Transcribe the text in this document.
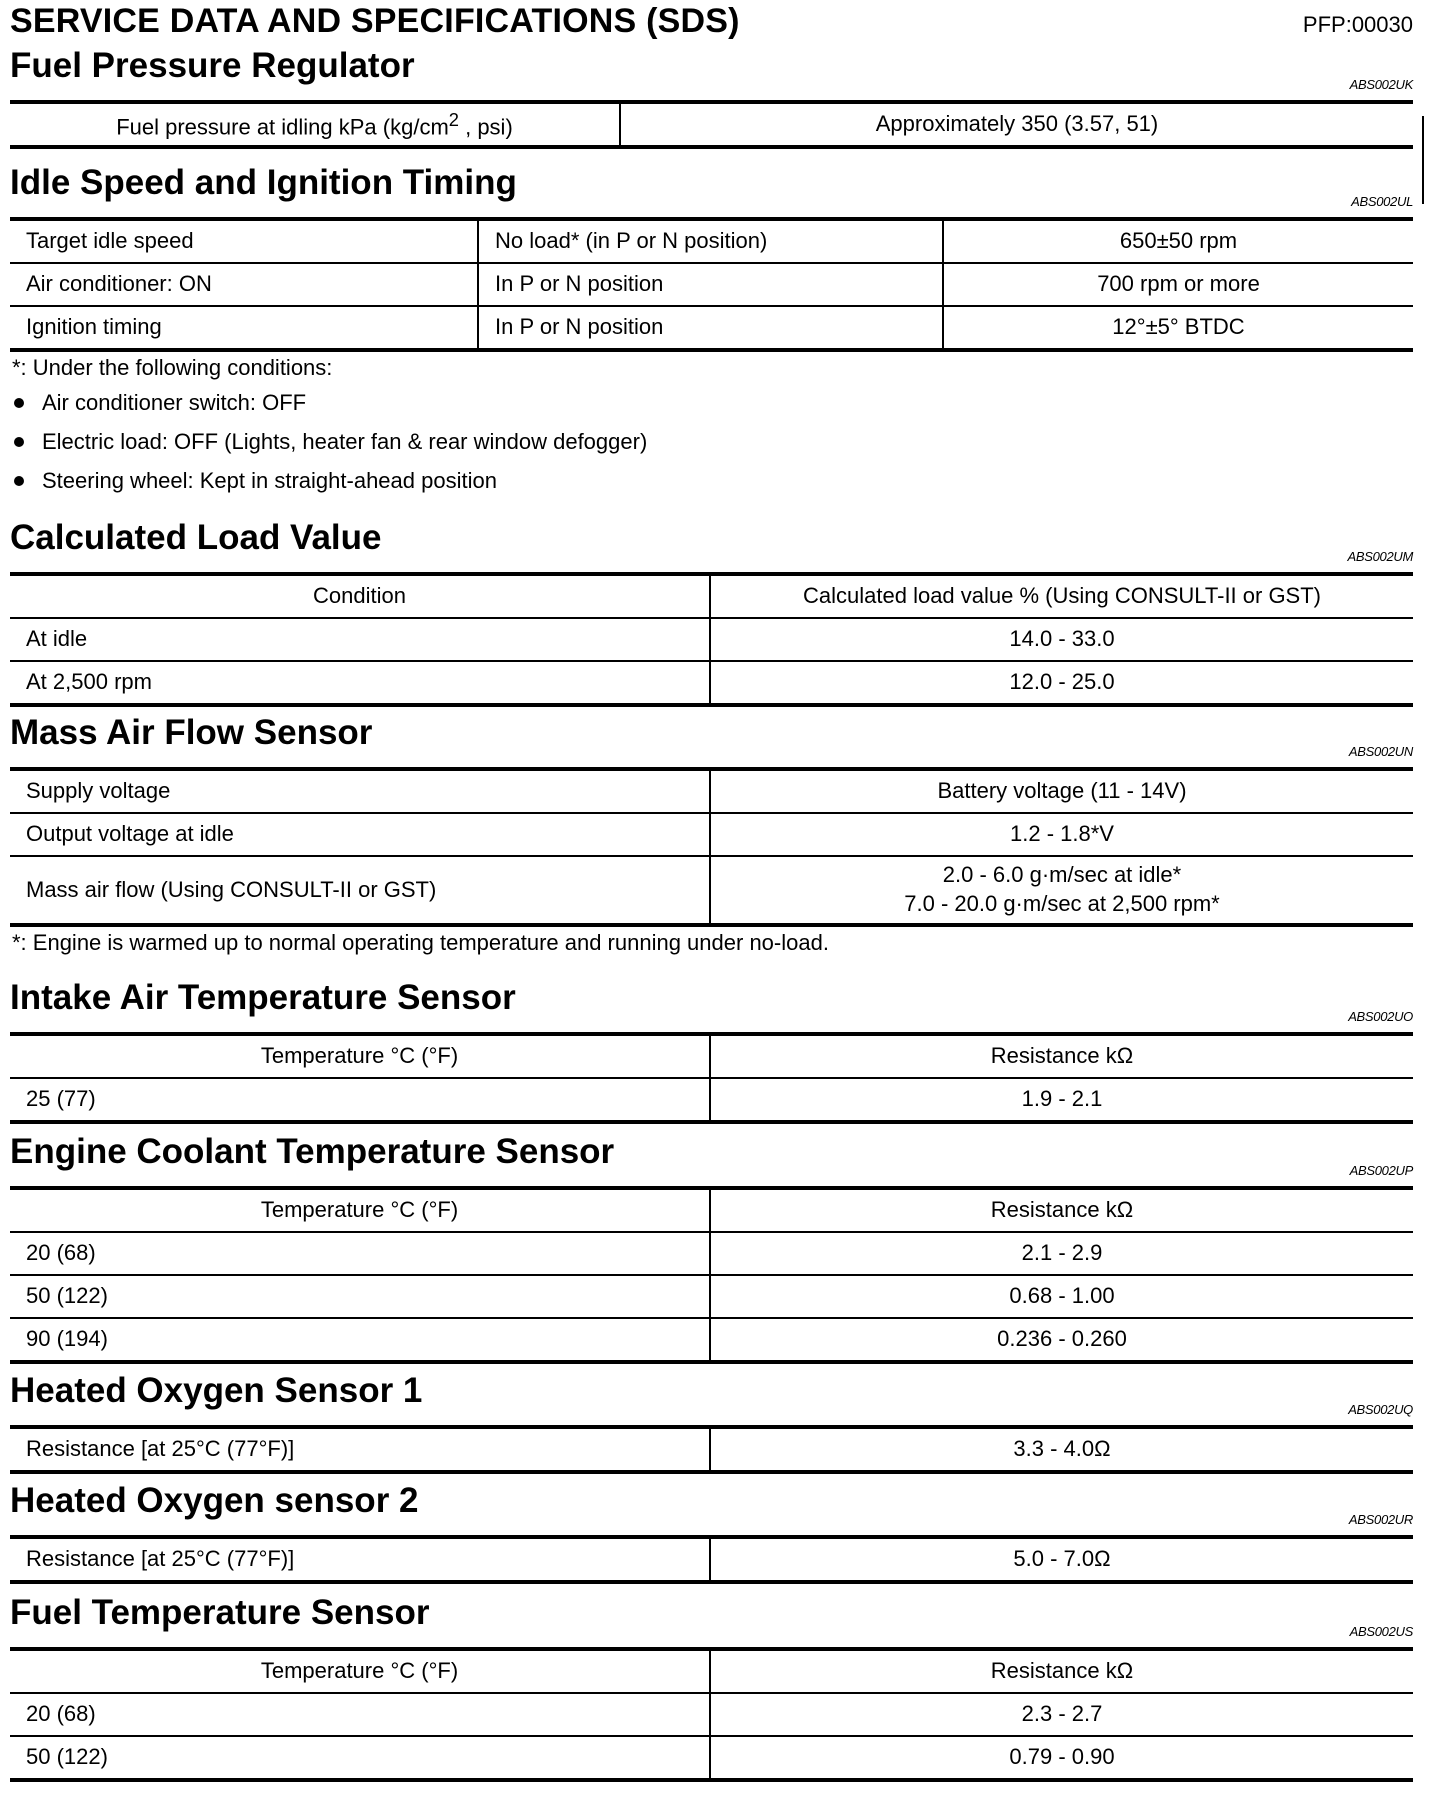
SERVICE DATA AND SPECIFICATIONS (SDS)	PFP:00030
Fuel Pressure Regulator	ABS002UK
Fuel pressure at idling kPa ($kg/cm^2$ , psi)	Approximately 350 (3.57, 51)
Idle Speed and Ignition Timing	ABS002UL
Target idle speed	No load* (in P or N position)	650±50 rpm
Air conditioner: ON	In P or N position	700 rpm or more
Ignition timing	In P or N position	12°±5° BTDC
*: Under the following conditions:
Air conditioner switch: OFF
Electric load: OFF (Lights, heater fan & rear window defogger)
Steering wheel: Kept in straight-ahead position
Calculated Load Value	ABS002UM
Condition	Calculated load value % (Using CONSULT-II or GST)
At idle	14.0 - 33.0
At 2,500 rpm	12.0 - 25.0
Mass Air Flow Sensor	ABS002UN
Supply voltage	Battery voltage (11 - 14V)
Output voltage at idle	1.2 - 1.8*V
Mass air flow (Using CONSULT-II or GST)	2.0 - 6.0 g·m/sec at idle*
7.0 - 20.0 g·m/sec at 2,500 rpm*
*: Engine is warmed up to normal operating temperature and running under no-load.
Intake Air Temperature Sensor	ABS002UO
Temperature °C (°F)	Resistance kΩ
25 (77)	1.9 - 2.1
Engine Coolant Temperature Sensor	ABS002UP
Temperature °C (°F)	Resistance kΩ
20 (68)	2.1 - 2.9
50 (122)	0.68 - 1.00
90 (194)	0.236 - 0.260
Heated Oxygen Sensor 1	ABS002UQ
Resistance [at 25°C (77°F)]	3.3 - 4.0Ω
Heated Oxygen sensor 2	ABS002UR
Resistance [at 25°C (77°F)]	5.0 - 7.0Ω
Fuel Temperature Sensor	ABS002US
Temperature °C (°F)	Resistance kΩ
20 (68)	2.3 - 2.7
50 (122)	0.79 - 0.90
